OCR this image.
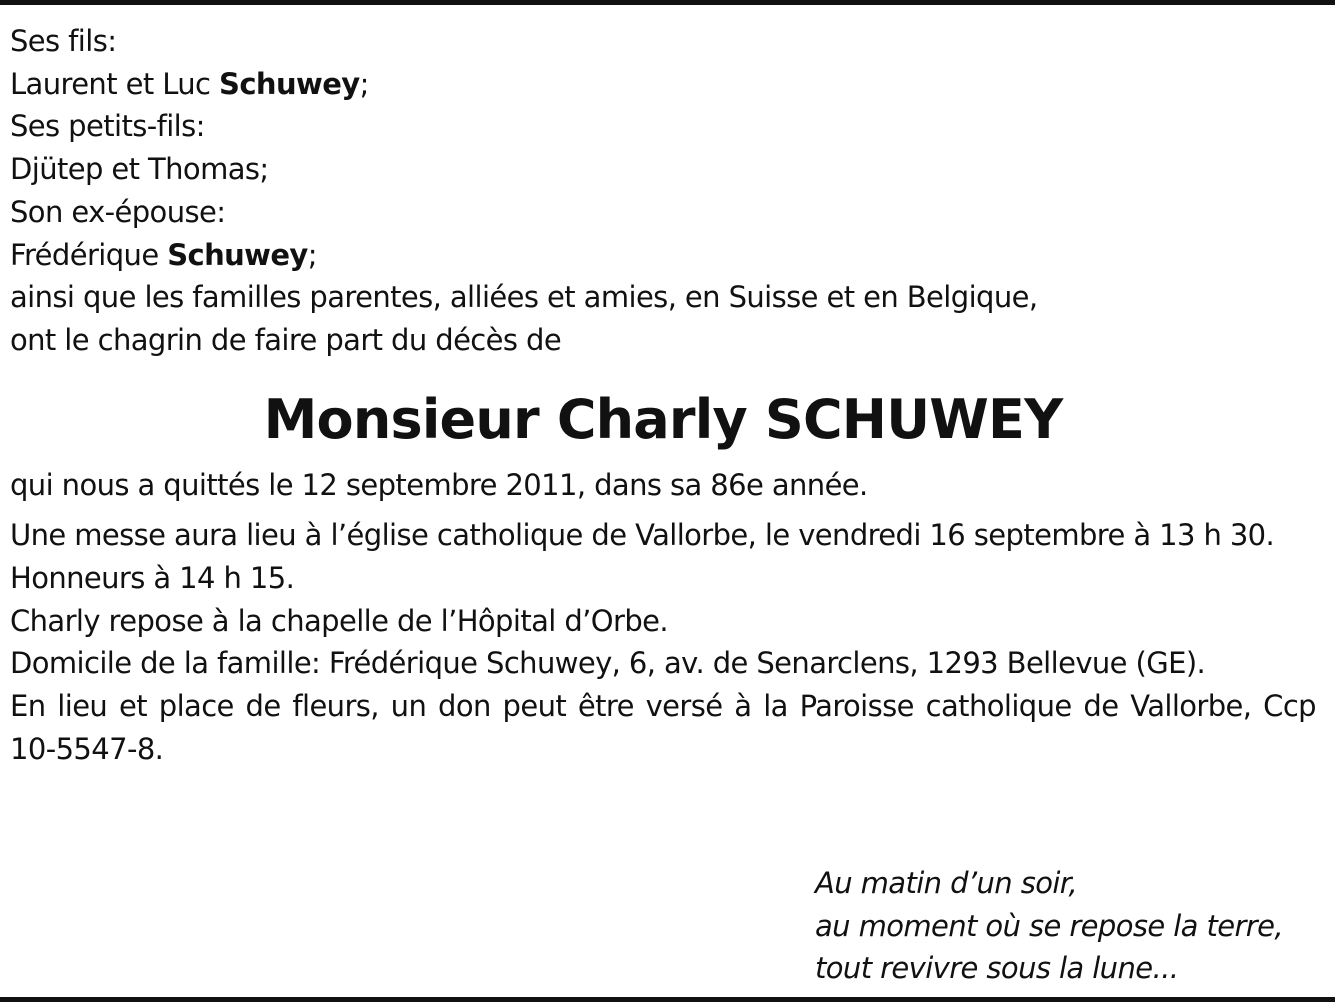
Ses fils:
Laurent et Luc Schuwey;
Ses petits-fils:
Djütep et Thomas;
Son ex-épouse:
Frédérique Schuwey;
ainsi que les familles parentes, alliées et amies, en Suisse et en Belgique,
ont le chagrin de faire part du décès de
Monsieur Charly SCHUWEY
qui nous a quittés le 12 septembre 2011, dans sa 86e année.
Une messe aura lieu à l’église catholique de Vallorbe, le vendredi 16 septembre à 13 h 30.
Honneurs à 14 h 15.
Charly repose à la chapelle de l’Hôpital d’Orbe.
Domicile de la famille: Frédérique Schuwey, 6, av. de Senarclens, 1293 Bellevue (GE).
En lieu et place de fleurs, un don peut être versé à la Paroisse catholique de Vallorbe, Ccp 10-5547-8.
Au matin d’un soir,
au moment où se repose la terre,
tout revivre sous la lune...
